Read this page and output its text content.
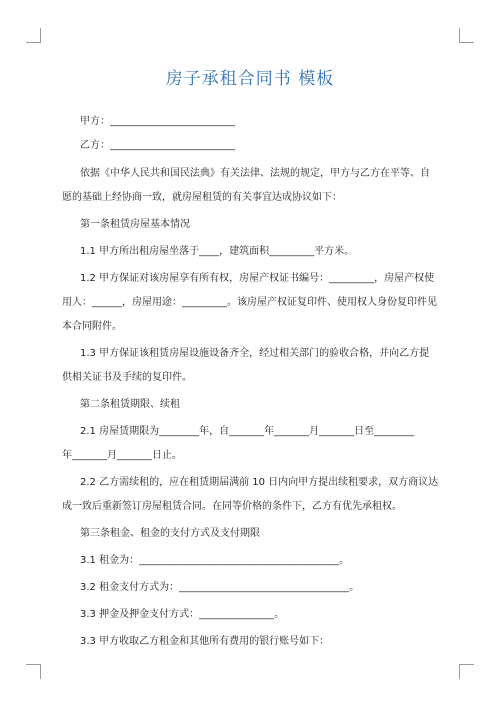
房子承租合同书 模板

甲方：_________________________

乙方：_________________________

依据《中华人民共和国民法典》有关法律、法规的规定，甲方与乙方在平等、自

愿的基础上经协商一致，就房屋租赁的有关事宜达成协议如下：

第一条租赁房屋基本情况

1.1 甲方所出租房屋坐落于____，建筑面积_________平方米。

1.2 甲方保证对该房屋享有所有权，房屋产权证书编号：_________，房屋产权使

用人：______，房屋用途：_________。该房屋产权证复印件、使用权人身份复印件见

本合同附件。

1.3 甲方保证该租赁房屋设施设备齐全，经过相关部门的验收合格，并向乙方提

供相关证书及手续的复印件。

第二条租赁期限、续租

2.1 房屋赁期限为________年，自_______年_______月_______日至________

年_______月_______日止。

2.2 乙方需续租的，应在租赁期届满前 10 日内向甲方提出续租要求，双方商议达

成一致后重新签订房屋租赁合同。在同等价格的条件下，乙方有优先承租权。

第三条租金、租金的支付方式及支付期限

3.1 租金为：________________________________________。

3.2 租金支付方式为：__________________________________。

3.3 押金及押金支付方式：_______________。

3.3 甲方收取乙方租金和其他所有费用的银行账号如下：
